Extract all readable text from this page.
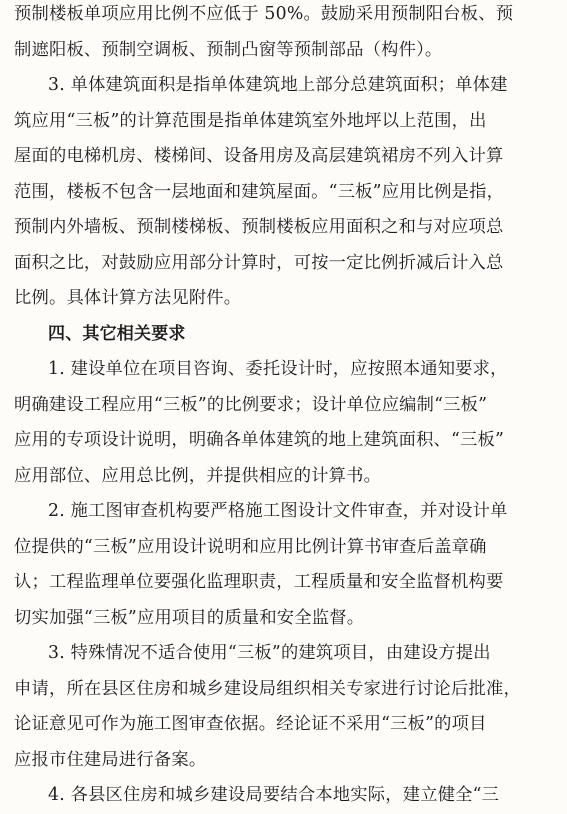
预制楼板单项应用比例不应低于 50%。鼓励采用预制阳台板、预
制遮阳板、预制空调板、预制凸窗等预制部品（构件）。
3. 单体建筑面积是指单体建筑地上部分总建筑面积；单体建
筑应用“三板”的计算范围是指单体建筑室外地坪以上范围，出
屋面的电梯机房、楼梯间、设备用房及高层建筑裙房不列入计算
范围，楼板不包含一层地面和建筑屋面。“三板”应用比例是指，
预制内外墙板、预制楼梯板、预制楼板应用面积之和与对应项总
面积之比，对鼓励应用部分计算时，可按一定比例折减后计入总
比例。具体计算方法见附件。
四、其它相关要求
1. 建设单位在项目咨询、委托设计时，应按照本通知要求，
明确建设工程应用“三板”的比例要求；设计单位应编制“三板”
应用的专项设计说明，明确各单体建筑的地上建筑面积、“三板”
应用部位、应用总比例，并提供相应的计算书。
2. 施工图审查机构要严格施工图设计文件审查，并对设计单
位提供的“三板”应用设计说明和应用比例计算书审查后盖章确
认；工程监理单位要强化监理职责，工程质量和安全监督机构要
切实加强“三板”应用项目的质量和安全监督。
3. 特殊情况不适合使用“三板”的建筑项目，由建设方提出
申请，所在县区住房和城乡建设局组织相关专家进行讨论后批准，
论证意见可作为施工图审查依据。经论证不采用“三板”的项目
应报市住建局进行备案。
4. 各县区住房和城乡建设局要结合本地实际，建立健全“三
